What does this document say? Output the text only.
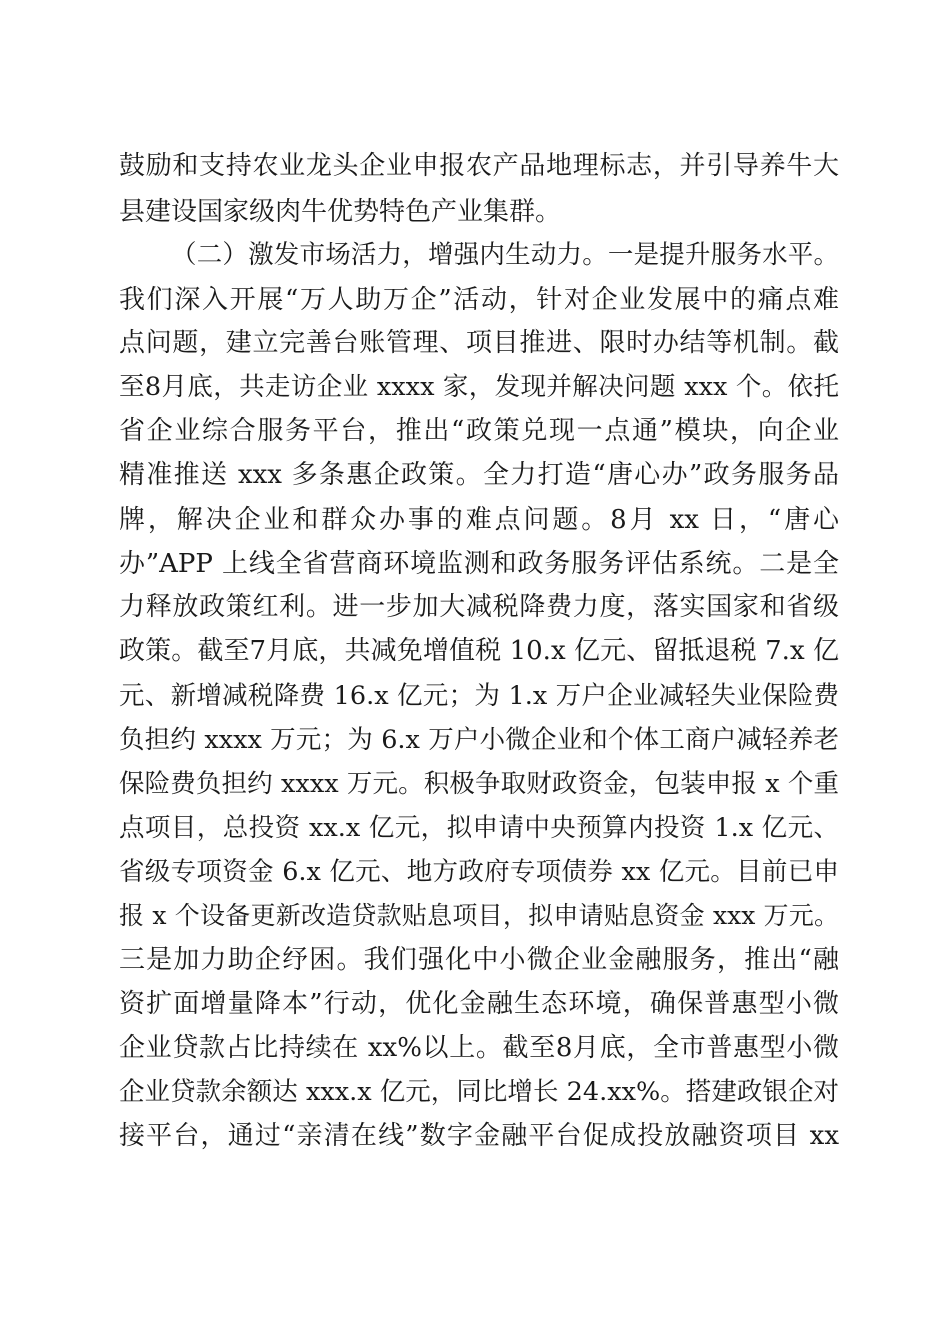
鼓励和支持农业龙头企业申报农产品地理标志，并引导养牛大
县建设国家级肉牛优势特色产业集群。
（二）激发市场活力，增强内生动力。一是提升服务水平。
我们深入开展“万人助万企”活动，针对企业发展中的痛点难
点问题，建立完善台账管理、项目推进、限时办结等机制。截
至8月底，共走访企业 xxxx 家，发现并解决问题 xxx 个。依托
省企业综合服务平台，推出“政策兑现一点通”模块，向企业
精准推送 xxx 多条惠企政策。全力打造“唐心办”政务服务品
牌，解决企业和群众办事的难点问题。8月 xx 日，“唐心
办”APP 上线全省营商环境监测和政务服务评估系统。二是全
力释放政策红利。进一步加大减税降费力度，落实国家和省级
政策。截至7月底，共减免增值税 10.x 亿元、留抵退税 7.x 亿
元、新增减税降费 16.x 亿元；为 1.x 万户企业减轻失业保险费
负担约 xxxx 万元；为 6.x 万户小微企业和个体工商户减轻养老
保险费负担约 xxxx 万元。积极争取财政资金，包装申报 x 个重
点项目，总投资 xx.x 亿元，拟申请中央预算内投资 1.x 亿元、
省级专项资金 6.x 亿元、地方政府专项债券 xx 亿元。目前已申
报 x 个设备更新改造贷款贴息项目，拟申请贴息资金 xxx 万元。
三是加力助企纾困。我们强化中小微企业金融服务，推出“融
资扩面增量降本”行动，优化金融生态环境，确保普惠型小微
企业贷款占比持续在 xx%以上。截至8月底，全市普惠型小微
企业贷款余额达 xxx.x 亿元，同比增长 24.xx%。搭建政银企对
接平台，通过“亲清在线”数字金融平台促成投放融资项目 xx
